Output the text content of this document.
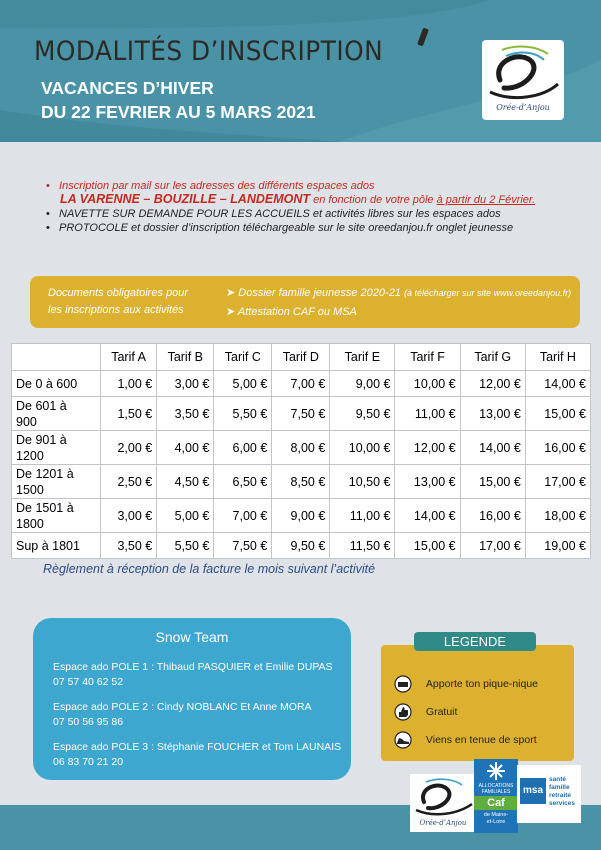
MODALITÉS D’INSCRIPTION
VACANCES D’HIVER
DU 22 FEVRIER AU 5 MARS 2021	Orée-d’Anjou
• Inscription par mail sur les adresses des différents espaces ados
LA VARENNE – BOUZILLE – LANDEMONT en fonction de votre pôle à partir du 2 Février.
• NAVETTE SUR DEMANDE POUR LES ACCUEILS et activités libres sur les espaces ados
• PROTOCOLE et dossier d’inscription téléchargeable sur le site oreedanjou.fr onglet jeunesse
Documents obligatoires pour
les inscriptions aux activités
➤ Dossier famille jeunesse 2020-21 (à télécharger sur site www.oreedanjou.fr)
➤ Attestation CAF ou MSA
	Tarif A	Tarif B	Tarif C	Tarif D	Tarif E	Tarif F	Tarif G	Tarif H

De 0 à 600	1,00 €	3,00 €	5,00 €	7,00 €	9,00 €	10,00 €	12,00 €	14,00 €

De 601 à
900	1,50 €	3,50 €	5,50 €	7,50 €	9,50 €	11,00 €	13,00 €	15,00 €

De 901 à
1200	2,00 €	4,00 €	6,00 €	8,00 €	10,00 €	12,00 €	14,00 €	16,00 €

De 1201 à
1500	2,50 €	4,50 €	6,50 €	8,50 €	10,50 €	13,00 €	15,00 €	17,00 €

De 1501 à
1800	3,00 €	5,00 €	7,00 €	9,00 €	11,00 €	14,00 €	16,00 €	18,00 €

Sup à 1801	3,50 €	5,50 €	7,50 €	9,50 €	11,50 €	15,00 €	17,00 €	19,00 €
Règlement à réception de la facture le mois suivant l’activité
Snow Team
Espace ado POLE 1 : Thibaud PASQUIER et Emilie DUPAS
07 57 40 62 52
Espace ado POLE 2 : Cindy NOBLANC Et Anne MORA
07 50 56 95 86
Espace ado POLE 3 : Stéphanie FOUCHER et Tom LAUNAIS
06 83 70 21 20
Apporte ton pique-nique
Gratuit
Viens en tenue de sport
LEGENDE
Orée-d’Anjou
ALLOCATIONS
FAMILIALES
Caf
de Maine-
et-Loire
msa
santé
famille
retraite
services
